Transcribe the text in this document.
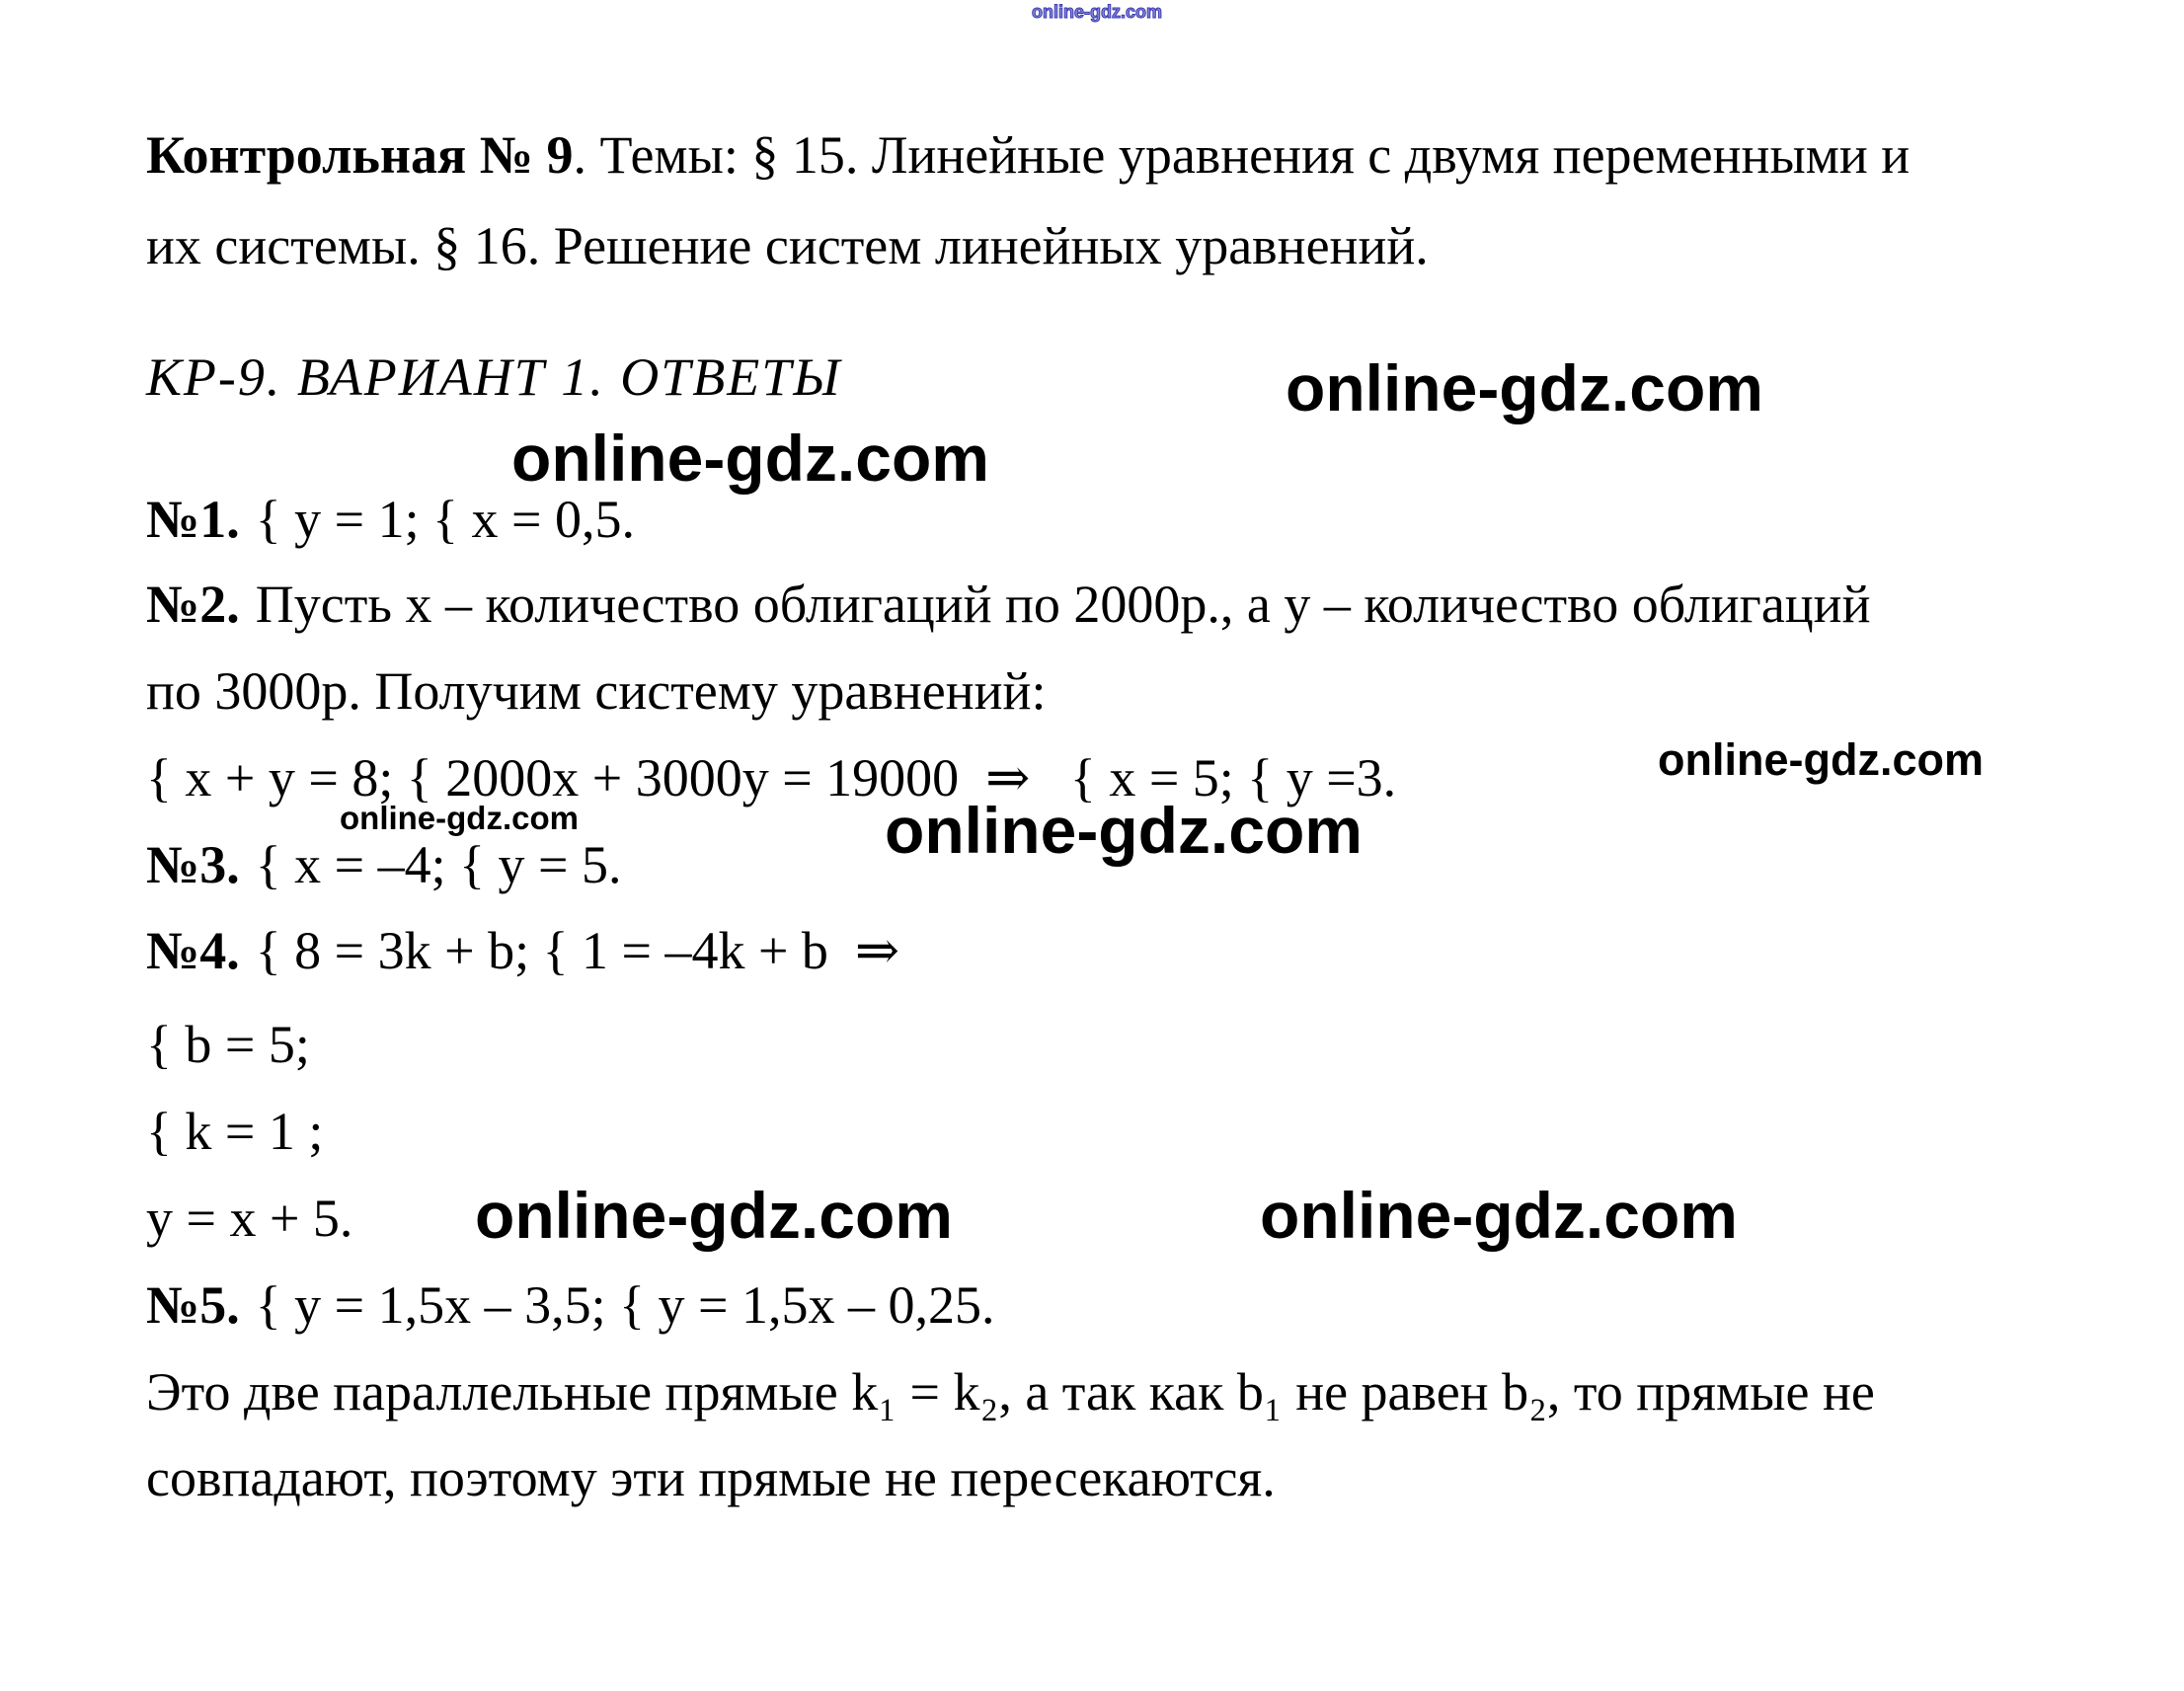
online-gdz.com
online-gdz.com
online-gdz.com
online-gdz.com
online-gdz.com	online-gdz.com
online-gdz.com	online-gdz.com
Контрольная № 9. Темы: § 15. Линейные уравнения с двумя переменными и
их системы. § 16. Решение систем линейных уравнений.
КР-9. ВАРИАНТ 1. ОТВЕТЫ
№1. { y = 1; { x = 0,5.
№2. Пусть x – количество облигаций по 2000р., а y – количество облигаций
по 3000р. Получим систему уравнений:
{ x + y = 8; { 2000x + 3000y = 19000  ⇒   { x = 5; { y =3.
№3. { x = –4; { y = 5.
№4. { 8 = 3k + b; { 1 = –4k + b  ⇒
{ b = 5;
{ k = 1 ;
y = x + 5.
№5. { y = 1,5x – 3,5; { y = 1,5x – 0,25.
Это две параллельные прямые k₁ = k₂, а так как b₁ не равен b₂, то прямые не
совпадают, поэтому эти прямые не пересекаются.
